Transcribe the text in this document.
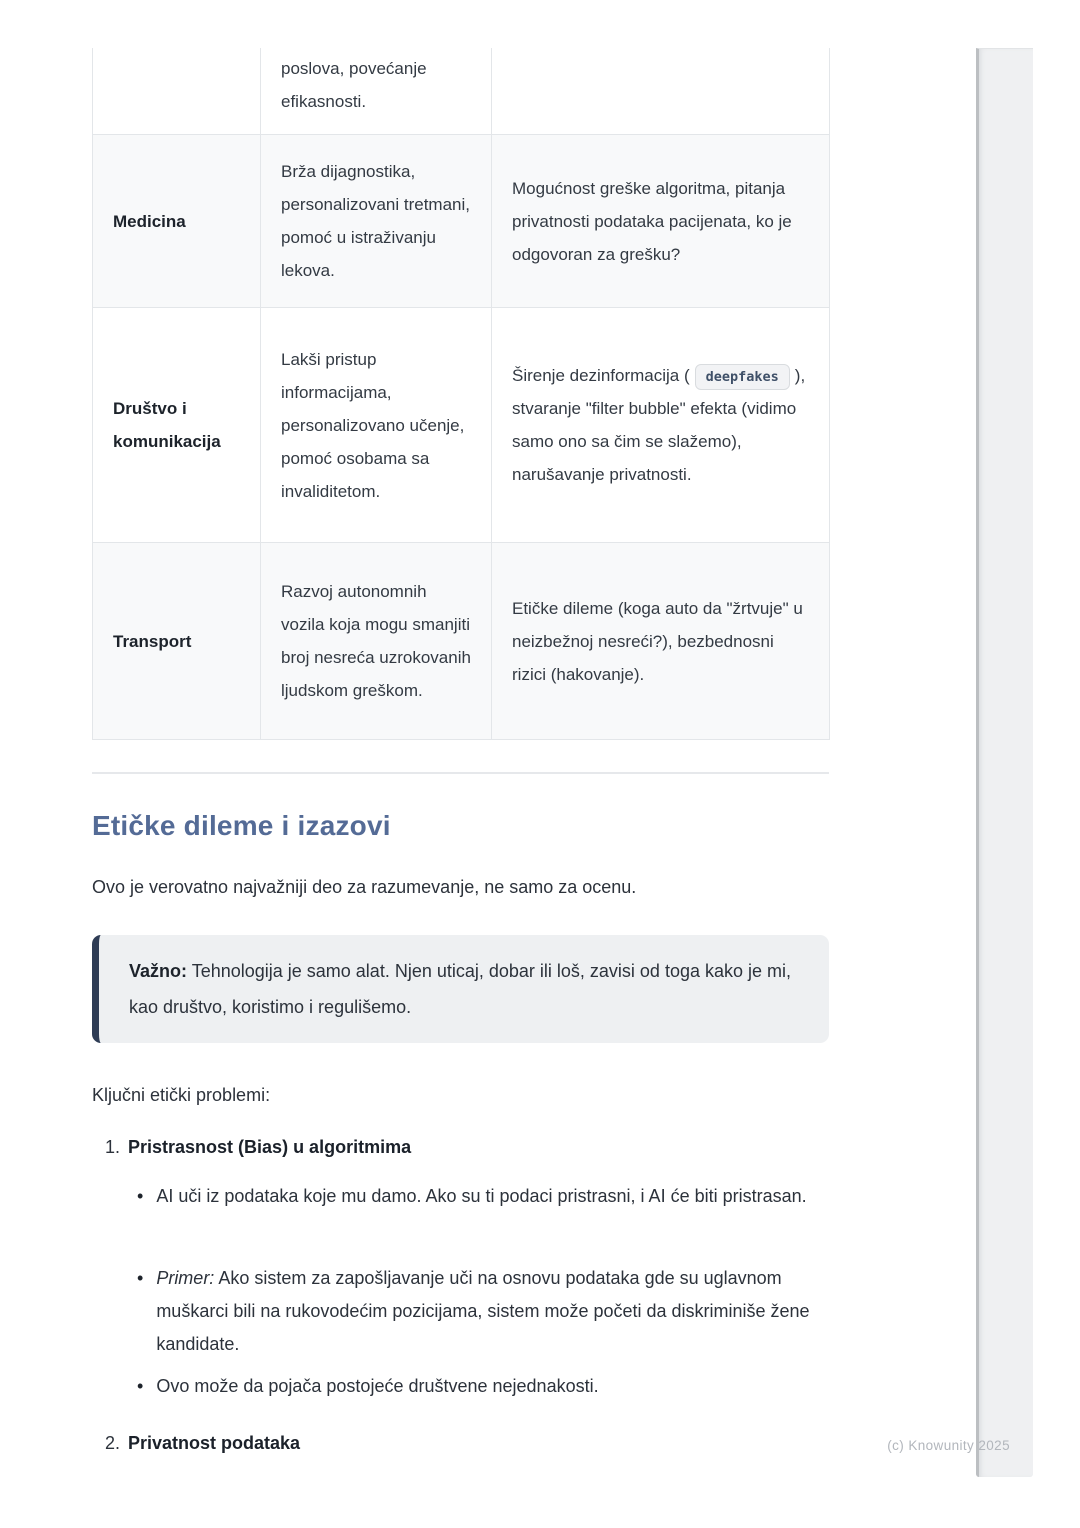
	poslova, povećanje efikasnosti.	
Medicina	Brža dijagnostika, personalizovani tretmani, pomoć u istraživanju lekova.	Mogućnost greške algoritma, pitanja privatnosti podataka pacijenata, ko je odgovoran za grešku?
Društvo i komunikacija	Lakši pristup informacijama, personalizovano učenje, pomoć osobama sa invaliditetom.	Širenje dezinformacija ( deepfakes ), stvaranje "filter bubble" efekta (vidimo samo ono sa čim se slažemo), narušavanje privatnosti.
Transport	Razvoj autonomnih vozila koja mogu smanjiti broj nesreća uzrokovanih ljudskom greškom.	Etičke dileme (koga auto da "žrtvuje" u neizbežnoj nesreći?), bezbednosni rizici (hakovanje).
Etičke dileme i izazovi

Ovo je verovatno najvažniji deo za razumevanje, ne samo za ocenu.

Važno: Tehnologija je samo alat. Njen uticaj, dobar ili loš, zavisi od toga kako je mi, kao društvo, koristimo i regulišemo.

Ključni etički problemi:

1. Pristrasnost (Bias) u algoritmima
• AI uči iz podataka koje mu damo. Ako su ti podaci pristrasni, i AI će biti pristrasan.
• Primer: Ako sistem za zapošljavanje uči na osnovu podataka gde su uglavnom muškarci bili na rukovodećim pozicijama, sistem može početi da diskriminiše žene kandidate.
• Ovo može da pojača postojeće društvene nejednakosti.
2. Privatnost podataka	(c) Knowunity 2025
